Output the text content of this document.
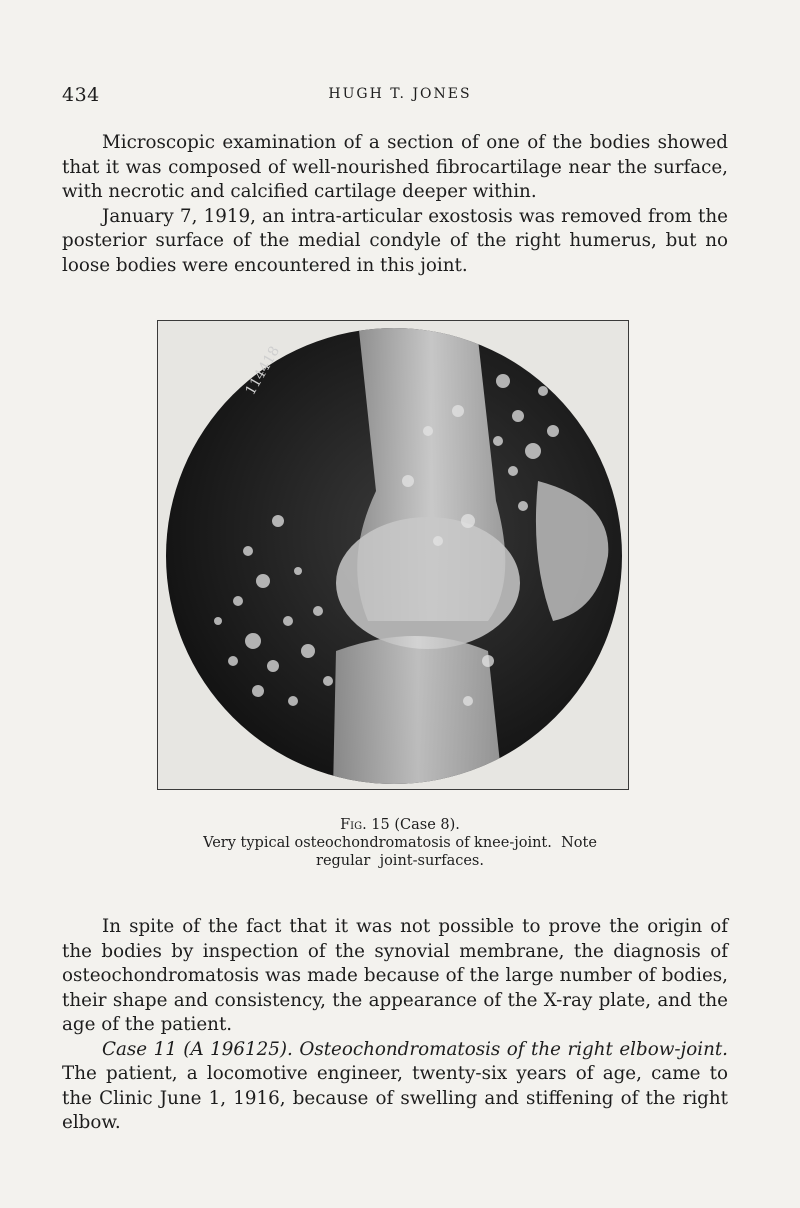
434	HUGH T. JONES

Microscopic examination of a section of one of the bodies showed that it was composed of well-nourished fibrocartilage near the surface, with necrotic and calcified cartilage deeper within.

January 7, 1919, an intra-articular exostosis was removed from the posterior surface of the medial condyle of the right humerus, but no loose bodies were encountered in this joint.

114418
Fig. 15 (Case 8).
Very typical osteochondromatosis of knee-joint.  Note
regular  joint-surfaces.

In spite of the fact that it was not possible to prove the origin of the bodies by inspection of the synovial membrane, the diagnosis of osteochondromatosis was made because of the large number of bodies, their shape and consistency, the appearance of the X-ray plate, and the age of the patient.

Case 11 (A 196125). Osteochondromatosis of the right elbow-joint. The patient, a locomotive engineer, twenty-six years of age, came to the Clinic June 1, 1916, because of swelling and stiffening of the right elbow.
